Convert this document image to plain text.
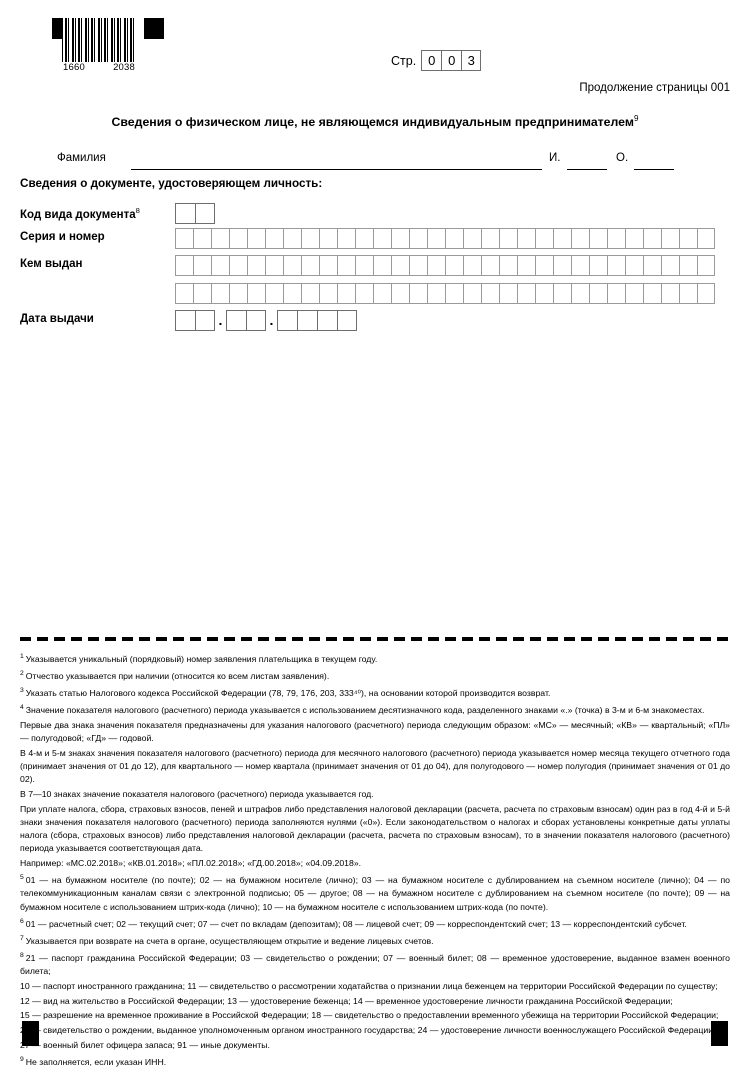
1660	2038	Стр. 0 0 3
Продолжение страницы 001
Сведения о физическом лице, не являющемся индивидуальным предпринимателем$^9$
Фамилия	И.	О.
Сведения о документе, удостоверяющем личность:
Код вида документа$^8$
Серия и номер
Кем выдан
Дата выдачи	.	.

$^1$ Указывается уникальный (порядковый) номер заявления плательщика в текущем году.

$^2$ Отчество указывается при наличии (относится ко всем листам заявления).

$^3$ Указать статью Налогового кодекса Российской Федерации (78, 79, 176, 203, 333⁴⁰), на основании которой производится возврат.

$^4$ Значение показателя налогового (расчетного) периода указывается с использованием десятизначного кода, разделенного знаками «.» (точка) в 3-м и 6-м знакоместах.

Первые два знака значения показателя предназначены для указания налогового (расчетного) периода следующим образом: «МС» — месячный; «КВ» — квартальный; «ПЛ» — полугодовой; «ГД» — годовой.

В 4-м и 5-м знаках значения показателя налогового (расчетного) периода для месячного налогового (расчетного) периода указывается номер месяца текущего отчетного года (принимает значения от 01 до 12), для квартального — номер квартала (принимает значения от 01 до 04), для полугодового — номер полугодия (принимает значения от 01 до 02).

В 7—10 знаках значение показателя налогового (расчетного) периода указывается год.

При уплате налога, сбора, страховых взносов, пеней и штрафов либо представления налоговой декларации (расчета, расчета по страховым взносам) один раз в год 4-й и 5-й знаки значения показателя налогового (расчетного) периода заполняются нулями («0»). Если законодательством о налогах и сборах установлены конкретные даты уплаты налога (сбора, страховых взносов) либо представления налоговой декларации (расчета, расчета по страховым взносам), то в значении показателя налогового (расчетного) периода указывается соответствующая дата.

Например: «МС.02.2018»; «КВ.01.2018»; «ПЛ.02.2018»; «ГД.00.2018»; «04.09.2018».

$^5$ 01 — на бумажном носителе (по почте); 02 — на бумажном носителе (лично); 03 — на бумажном носителе с дублированием на съемном носителе (лично); 04 — по телекоммуникационным каналам связи с электронной подписью; 05 — другое; 08 — на бумажном носителе с дублированием на съемном носителе (по почте); 09 — на бумажном носителе с использованием штрих-кода (лично); 10 — на бумажном носителе с использованием штрих-кода (по почте).

$^6$ 01 — расчетный счет; 02 — текущий счет; 07 — счет по вкладам (депозитам); 08 — лицевой счет; 09 — корреспондентский счет; 13 — корреспондентский субсчет.

$^7$ Указывается при возврате на счета в органе, осуществляющем открытие и ведение лицевых счетов.

$^8$ 21 — паспорт гражданина Российской Федерации; 03 — свидетельство о рождении; 07 — военный билет; 08 — временное удостоверение, выданное взамен военного билета;

10 — паспорт иностранного гражданина; 11 — свидетельство о рассмотрении ходатайства о признании лица беженцем на территории Российской Федерации по существу;

12 — вид на жительство в Российской Федерации; 13 — удостоверение беженца; 14 — временное удостоверение личности гражданина Российской Федерации;

15 — разрешение на временное проживание в Российской Федерации; 18 — свидетельство о предоставлении временного убежища на территории Российской Федерации;

23 — свидетельство о рождении, выданное уполномоченным органом иностранного государства; 24 — удостоверение личности военнослужащего Российской Федерации;

27 — военный билет офицера запаса; 91 — иные документы.

$^9$ Не заполняется, если указан ИНН.
